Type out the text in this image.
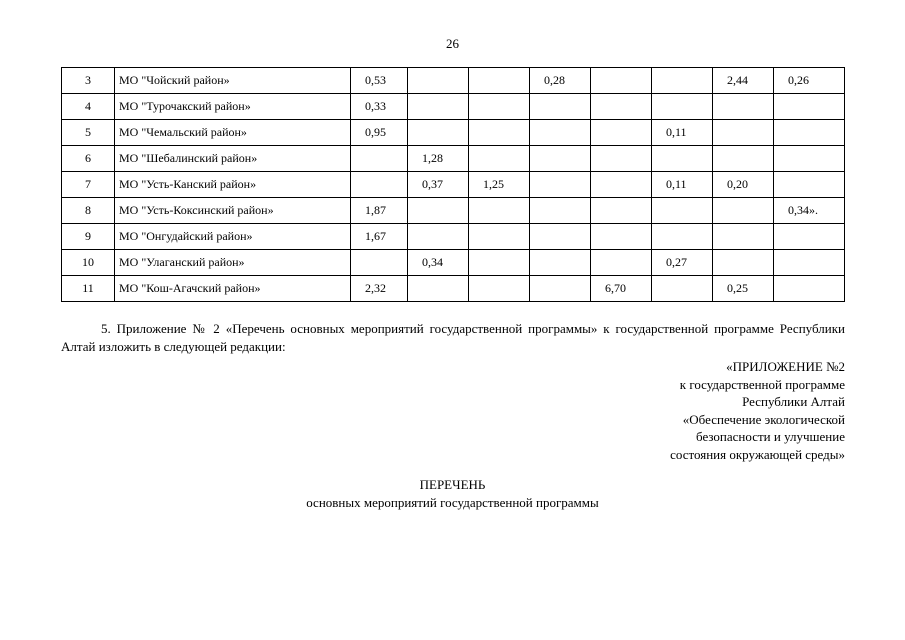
26
3	МО "Чойский район»	0,53			0,28			2,44	0,26
4	МО "Турочакский район»	0,33							
5	МО "Чемальский район»	0,95					0,11		
6	МО "Шебалинский район»		1,28						
7	МО "Усть-Канский район»		0,37	1,25			0,11	0,20	
8	МО "Усть-Коксинский район»	1,87							0,34».
9	МО "Онгудайский район»	1,67							
10	МО "Улаганский район»		0,34				0,27		
11	МО "Кош-Агачский район»	2,32				6,70		0,25	
5. Приложение № 2 «Перечень основных мероприятий государственной программы» к государственной программе Республики Алтай изложить в следующей редакции:
«ПРИЛОЖЕНИЕ №2
к государственной программе
Республики Алтай
«Обеспечение экологической
безопасности и улучшение
состояния окружающей среды»
ПЕРЕЧЕНЬ
основных мероприятий государственной программы
